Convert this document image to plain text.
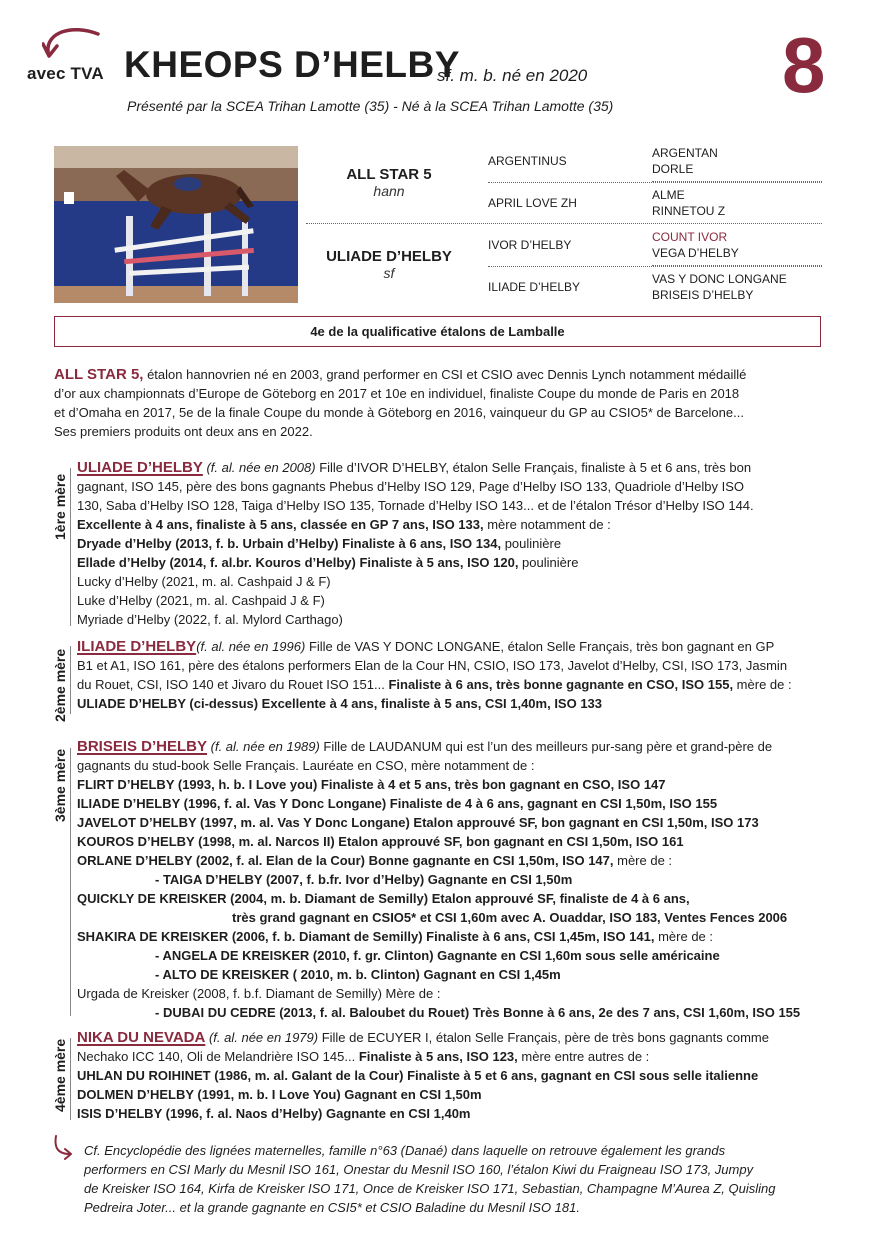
avec TVA KHEOPS D’HELBY
sf. m. b. né en 2020 8
Présenté par la SCEA Trihan Lamotte (35) - Né à la SCEA Trihan Lamotte (35)
ALL STAR 5
hann
ULIADE D’HELBY
sf
ARGENTINUS
APRIL LOVE ZH
IVOR D’HELBY
ILIADE D’HELBY
ARGENTAN
DORLE
ALME
RINNETOU Z
COUNT IVOR
VEGA D’HELBY
VAS Y DONC LONGANE
BRISEIS D’HELBY
4e de la qualificative étalons de Lamballe
ALL STAR 5, étalon hannovrien né en 2003, grand performer en CSI et CSIO avec Dennis Lynch notamment médaillé
d’or aux championnats d’Europe de Göteborg en 2017 et 10e en individuel, finaliste Coupe du monde de Paris en 2018
et d’Omaha en 2017, 5e de la finale Coupe du monde à Göteborg en 2016, vainqueur du GP au CSIO5* de Barcelone...
Ses premiers produits ont deux ans en 2022.
1ère mère
ULIADE D’HELBY (f. al. née en 2008) Fille d’IVOR D’HELBY, étalon Selle Français, finaliste à 5 et 6 ans, très bon
gagnant, ISO 145, père des bons gagnants Phebus d’Helby ISO 129, Page d’Helby ISO 133, Quadriole d’Helby ISO
130, Saba d’Helby ISO 128, Taiga d’Helby ISO 135, Tornade d’Helby ISO 143... et de l’étalon Trésor d’Helby ISO 144.
Excellente à 4 ans, finaliste à 5 ans, classée en GP 7 ans, ISO 133, mère notamment de :
Dryade d’Helby (2013, f. b. Urbain d’Helby) Finaliste à 6 ans, ISO 134, poulinière
Ellade d’Helby (2014, f. al.br. Kouros d’Helby) Finaliste à 5 ans, ISO 120, poulinière
Lucky d’Helby (2021, m. al. Cashpaid J & F)
Luke d’Helby (2021, m. al. Cashpaid J & F)
Myriade d’Helby (2022, f. al. Mylord Carthago)
2ème mère
ILIADE D’HELBY(f. al. née en 1996) Fille de VAS Y DONC LONGANE, étalon Selle Français, très bon gagnant en GP
B1 et A1, ISO 161, père des étalons performers Elan de la Cour HN, CSIO, ISO 173, Javelot d’Helby, CSI, ISO 173, Jasmin
du Rouet, CSI, ISO 140 et Jivaro du Rouet ISO 151... Finaliste à 6 ans, très bonne gagnante en CSO, ISO 155, mère de :
ULIADE D’HELBY (ci-dessus) Excellente à 4 ans, finaliste à 5 ans, CSI 1,40m, ISO 133
3ème mère
BRISEIS D’HELBY (f. al. née en 1989) Fille de LAUDANUM qui est l’un des meilleurs pur-sang père et grand-père de
gagnants du stud-book Selle Français. Lauréate en CSO, mère notamment de :
FLIRT D’HELBY (1993, h. b. I Love you) Finaliste à 4 et 5 ans, très bon gagnant en CSO, ISO 147
ILIADE D’HELBY (1996, f. al. Vas Y Donc Longane) Finaliste de 4 à 6 ans, gagnant en CSI 1,50m, ISO 155
JAVELOT D’HELBY (1997, m. al. Vas Y Donc Longane) Etalon approuvé SF, bon gagnant en CSI 1,50m, ISO 173
KOUROS D’HELBY (1998, m. al. Narcos II) Etalon approuvé SF, bon gagnant en CSI 1,50m, ISO 161
ORLANE D’HELBY (2002, f. al. Elan de la Cour) Bonne gagnante en CSI 1,50m, ISO 147, mère de :
- TAIGA D’HELBY (2007, f. b.fr. Ivor d’Helby) Gagnante en CSI 1,50m
QUICKLY DE KREISKER (2004, m. b. Diamant de Semilly) Etalon approuvé SF, finaliste de 4 à 6 ans,
très grand gagnant en CSIO5* et CSI 1,60m avec A. Ouaddar, ISO 183, Ventes Fences 2006
SHAKIRA DE KREISKER (2006, f. b. Diamant de Semilly) Finaliste à 6 ans, CSI 1,45m, ISO 141, mère de :
- ANGELA DE KREISKER (2010, f. gr. Clinton) Gagnante en CSI 1,60m sous selle américaine
- ALTO DE KREISKER ( 2010, m. b. Clinton) Gagnant en CSI 1,45m
Urgada de Kreisker (2008, f. b.f. Diamant de Semilly) Mère de :
- DUBAI DU CEDRE (2013, f. al. Baloubet du Rouet) Très Bonne à 6 ans, 2e des 7 ans, CSI 1,60m, ISO 155
4ème mère
NIKA DU NEVADA (f. al. née en 1979) Fille de ECUYER I, étalon Selle Français, père de très bons gagnants comme
Nechako ICC 140, Oli de Melandrière ISO 145... Finaliste à 5 ans, ISO 123, mère entre autres de :
UHLAN DU ROIHINET (1986, m. al. Galant de la Cour) Finaliste à 5 et 6 ans, gagnant en CSI sous selle italienne
DOLMEN D’HELBY (1991, m. b. I Love You) Gagnant en CSI 1,50m
ISIS D’HELBY (1996, f. al. Naos d’Helby) Gagnante en CSI 1,40m
Cf. Encyclopédie des lignées maternelles, famille n°63 (Danaé) dans laquelle on retrouve également les grands
performers en CSI Marly du Mesnil ISO 161, Onestar du Mesnil ISO 160, l’étalon Kiwi du Fraigneau ISO 173, Jumpy
de Kreisker ISO 164, Kirfa de Kreisker ISO 171, Once de Kreisker ISO 171, Sebastian, Champagne M’Aurea Z, Quisling
Pedreira Joter... et la grande gagnante en CSI5* et CSIO Baladine du Mesnil ISO 181.
